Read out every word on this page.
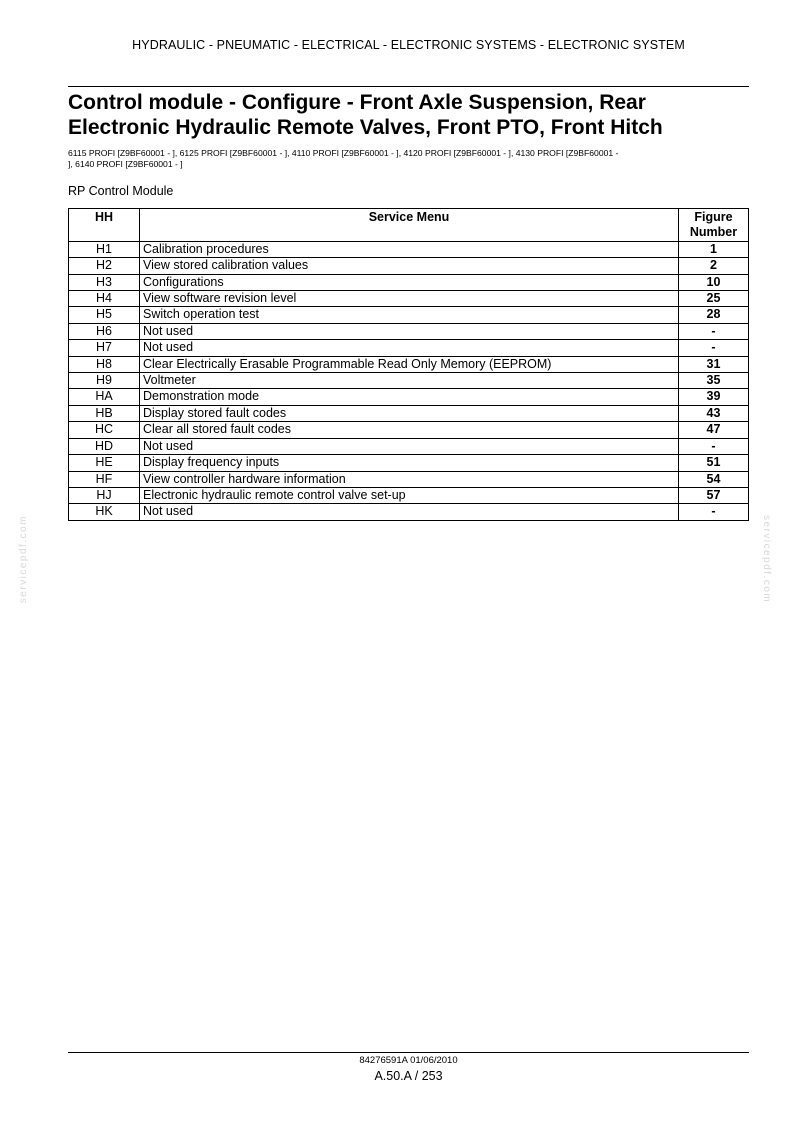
HYDRAULIC - PNEUMATIC - ELECTRICAL - ELECTRONIC SYSTEMS - ELECTRONIC SYSTEM
Control module - Configure - Front Axle Suspension, Rear
Electronic Hydraulic Remote Valves, Front PTO, Front Hitch
6115 PROFI [Z9BF60001 - ], 6125 PROFI [Z9BF60001 - ], 4110 PROFI [Z9BF60001 - ], 4120 PROFI [Z9BF60001 - ], 4130 PROFI [Z9BF60001 -
], 6140 PROFI [Z9BF60001 - ]
RP Control Module
HH	Service Menu	Figure
Number
H1	Calibration procedures	1
H2	View stored calibration values	2
H3	Configurations	10
H4	View software revision level	25
H5	Switch operation test	28
H6	Not used	-
H7	Not used	-
H8	Clear Electrically Erasable Programmable Read Only Memory (EEPROM)	31
H9	Voltmeter	35
HA	Demonstration mode	39
HB	Display stored fault codes	43
HC	Clear all stored fault codes	47
HD	Not used	-
HE	Display frequency inputs	51
HF	View controller hardware information	54
HJ	Electronic hydraulic remote control valve set-up	57
HK	Not used	-
servicepdf.com	servicepdf.com
84276591A 01/06/2010
A.50.A / 253
